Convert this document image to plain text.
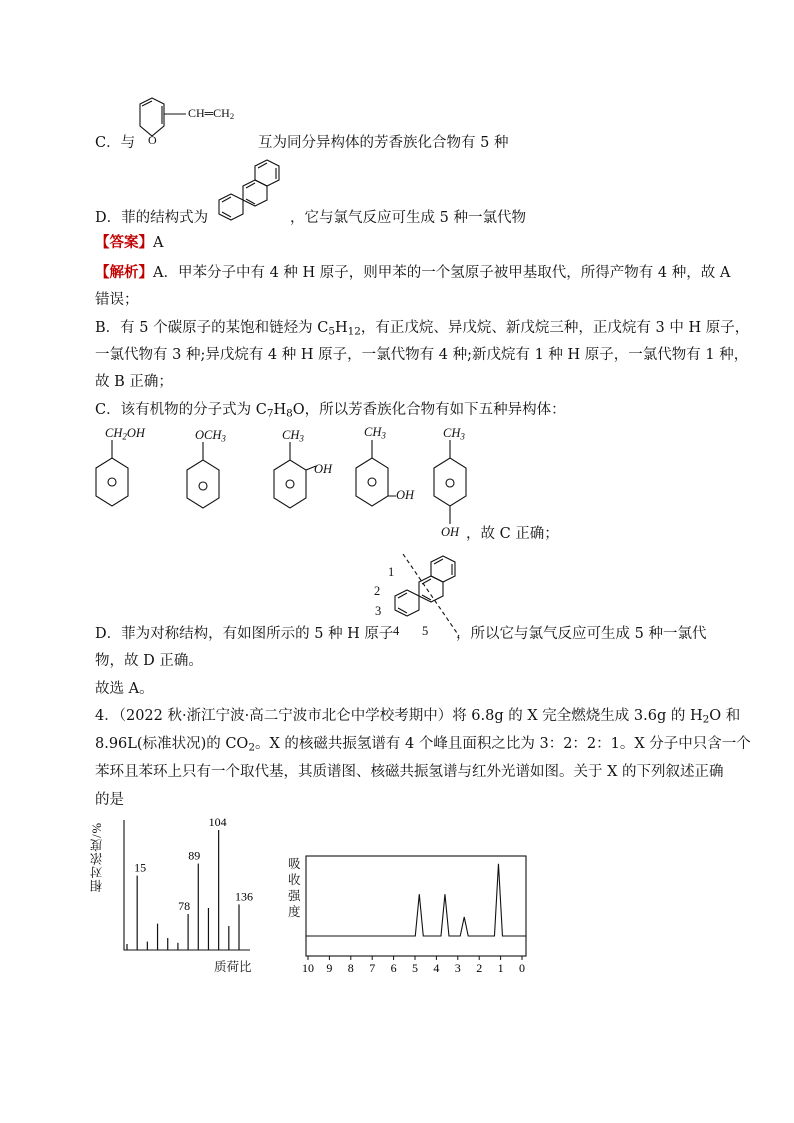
O
$CH═CH_2$
C．与	互为同分异构体的芳香族化合物有 5 种
D．菲的结构式为	，它与氯气反应可生成 5 种一氯代物
【答案】A
【解析】A．甲苯分子中有 4 种 H 原子，则甲苯的一个氢原子被甲基取代，所得产物有 4 种，故 A
错误；
B．有 5 个碳原子的某饱和链烃为 $C_5H_{12}$，有正戊烷、异戊烷、新戊烷三种，正戊烷有 3 中 H 原子，
一氯代物有 3 种;异戊烷有 4 种 H 原子，一氯代物有 4 种;新戊烷有 1 种 H 原子，一氯代物有 1 种，
故 B 正确；
C．该有机物的分子式为 $C_7H_8O$，所以芳香族化合物有如下五种异构体：
$CH_2OH$	$OCH_3$	$CH_3$
OH
$CH_3$
OH
$CH_3$
OH ，故 C 正确；
1
2
3
4 5
D．菲为对称结构，有如图所示的 5 种 H 原子	，所以它与氯气反应可生成 5 种一氯代
物，故 D 正确。
故选 A。
4．（2022 秋·浙江宁波·高二宁波市北仑中学校考期中）将 6.8g 的 X 完全燃烧生成 3.6g 的 $H_2O$ 和
8.96L(标准状况)的 $CO_2$。X 的核磁共振氢谱有 4 个峰且面积之比为 3：2：2：1。X 分子中只含一个
苯环且苯环上只有一个取代基，其质谱图、核磁共振氢谱与红外光谱如图。关于 X 的下列叙述正确
的是
15
78
89
104
136
相对浓度/%
质荷比	10 9 8 7 6 5 4 3 2 1 0
吸
收
强
度
